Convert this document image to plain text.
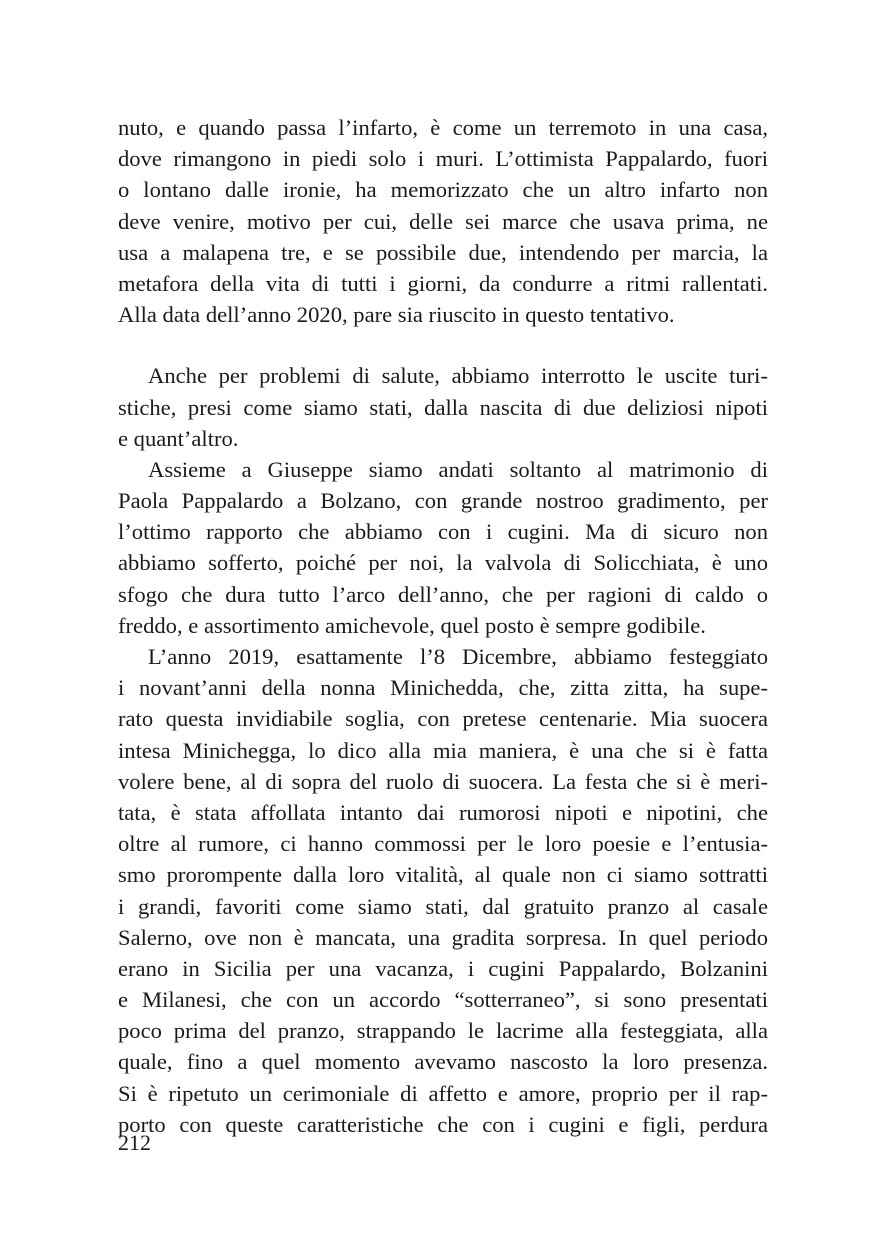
nuto, e quando passa l’infarto, è come un terremoto in una casa,
dove rimangono in piedi solo i muri. L’ottimista Pappalardo, fuori
o lontano dalle ironie, ha memorizzato che un altro infarto non
deve venire, motivo per cui, delle sei marce che usava prima, ne
usa a malapena tre, e se possibile due, intendendo per marcia, la
metafora della vita di tutti i giorni, da condurre a ritmi rallentati.
Alla data dell’anno 2020, pare sia riuscito in questo tentativo.
Anche per problemi di salute, abbiamo interrotto le uscite turi-
stiche, presi come siamo stati, dalla nascita di due deliziosi nipoti
e quant’altro.
Assieme a Giuseppe siamo andati soltanto al matrimonio di
Paola Pappalardo a Bolzano, con grande nostroo gradimento, per
l’ottimo rapporto che abbiamo con i cugini. Ma di sicuro non
abbiamo sofferto, poiché per noi, la valvola di Solicchiata, è uno
sfogo che dura tutto l’arco dell’anno, che per ragioni di caldo o
freddo, e assortimento amichevole, quel posto è sempre godibile.
L’anno 2019, esattamente l’8 Dicembre, abbiamo festeggiato
i novant’anni della nonna Minichedda, che, zitta zitta, ha supe-
rato questa invidiabile soglia, con pretese centenarie. Mia suocera
intesa Minichegga, lo dico alla mia maniera, è una che si è fatta
volere bene, al di sopra del ruolo di suocera. La festa che si è meri-
tata, è stata affollata intanto dai rumorosi nipoti e nipotini, che
oltre al rumore, ci hanno commossi per le loro poesie e l’entusia-
smo prorompente dalla loro vitalità, al quale non ci siamo sottratti
i grandi, favoriti come siamo stati, dal gratuito pranzo al casale
Salerno, ove non è mancata, una gradita sorpresa. In quel periodo
erano in Sicilia per una vacanza, i cugini Pappalardo, Bolzanini
e Milanesi, che con un accordo “sotterraneo”, si sono presentati
poco prima del pranzo, strappando le lacrime alla festeggiata, alla
quale, fino a quel momento avevamo nascosto la loro presenza.
Si è ripetuto un cerimoniale di affetto e amore, proprio per il rap-
porto con queste caratteristiche che con i cugini e figli, perdura
212
